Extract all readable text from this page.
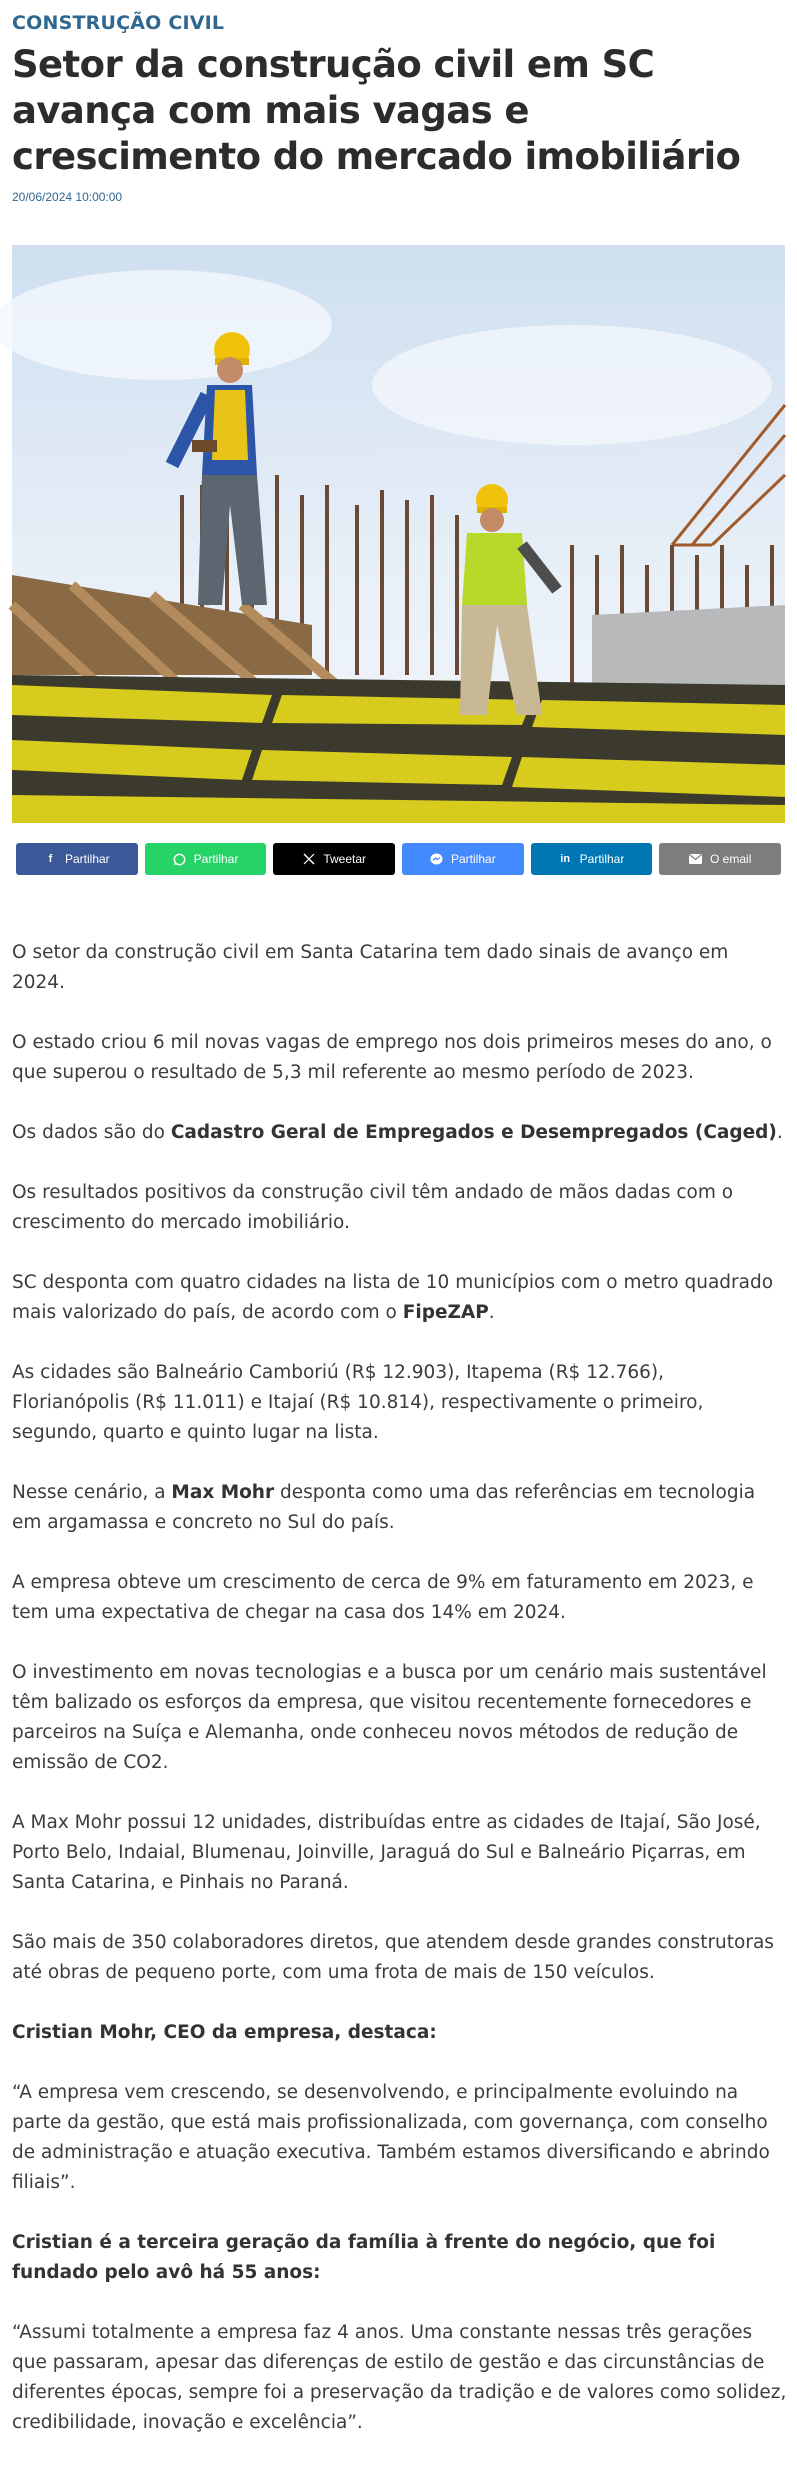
CONSTRUÇÃO CIVIL
Setor da construção civil em SC avança com mais vagas e crescimento do mercado imobiliário
20/06/2024 10:00:00
f	Partilhar	Partilhar	Tweetar	Partilhar	in Partilhar	O email

O setor da construção civil em Santa Catarina tem dado sinais de avanço em 2024.

O estado criou 6 mil novas vagas de emprego nos dois primeiros meses do ano, o que superou o resultado de 5,3 mil referente ao mesmo período de 2023.

Os dados são do Cadastro Geral de Empregados e Desempregados (Caged).

Os resultados positivos da construção civil têm andado de mãos dadas com o crescimento do mercado imobiliário.

SC desponta com quatro cidades na lista de 10 municípios com o metro quadrado mais valorizado do país, de acordo com o FipeZAP.

As cidades são Balneário Camboriú (R$ 12.903), Itapema (R$ 12.766), Florianópolis (R$ 11.011) e Itajaí (R$ 10.814), respectivamente o primeiro, segundo, quarto e quinto lugar na lista.

Nesse cenário, a Max Mohr desponta como uma das referências em tecnologia em argamassa e concreto no Sul do país.

A empresa obteve um crescimento de cerca de 9% em faturamento em 2023, e tem uma expectativa de chegar na casa dos 14% em 2024.

O investimento em novas tecnologias e a busca por um cenário mais sustentável têm balizado os esforços da empresa, que visitou recentemente fornecedores e parceiros na Suíça e Alemanha, onde conheceu novos métodos de redução de emissão de CO2.

A Max Mohr possui 12 unidades, distribuídas entre as cidades de Itajaí, São José, Porto Belo, Indaial, Blumenau, Joinville, Jaraguá do Sul e Balneário Piçarras, em Santa Catarina, e Pinhais no Paraná.

São mais de 350 colaboradores diretos, que atendem desde grandes construtoras até obras de pequeno porte, com uma frota de mais de 150 veículos.

Cristian Mohr, CEO da empresa, destaca:

“A empresa vem crescendo, se desenvolvendo, e principalmente evoluindo na parte da gestão, que está mais profissionalizada, com governança, com conselho de administração e atuação executiva. Também estamos diversificando e abrindo filiais”.

Cristian é a terceira geração da família à frente do negócio, que foi fundado pelo avô há 55 anos:

“Assumi totalmente a empresa faz 4 anos. Uma constante nessas três gerações que passaram, apesar das diferenças de estilo de gestão e das circunstâncias de diferentes épocas, sempre foi a preservação da tradição e de valores como solidez, credibilidade, inovação e excelência”.
